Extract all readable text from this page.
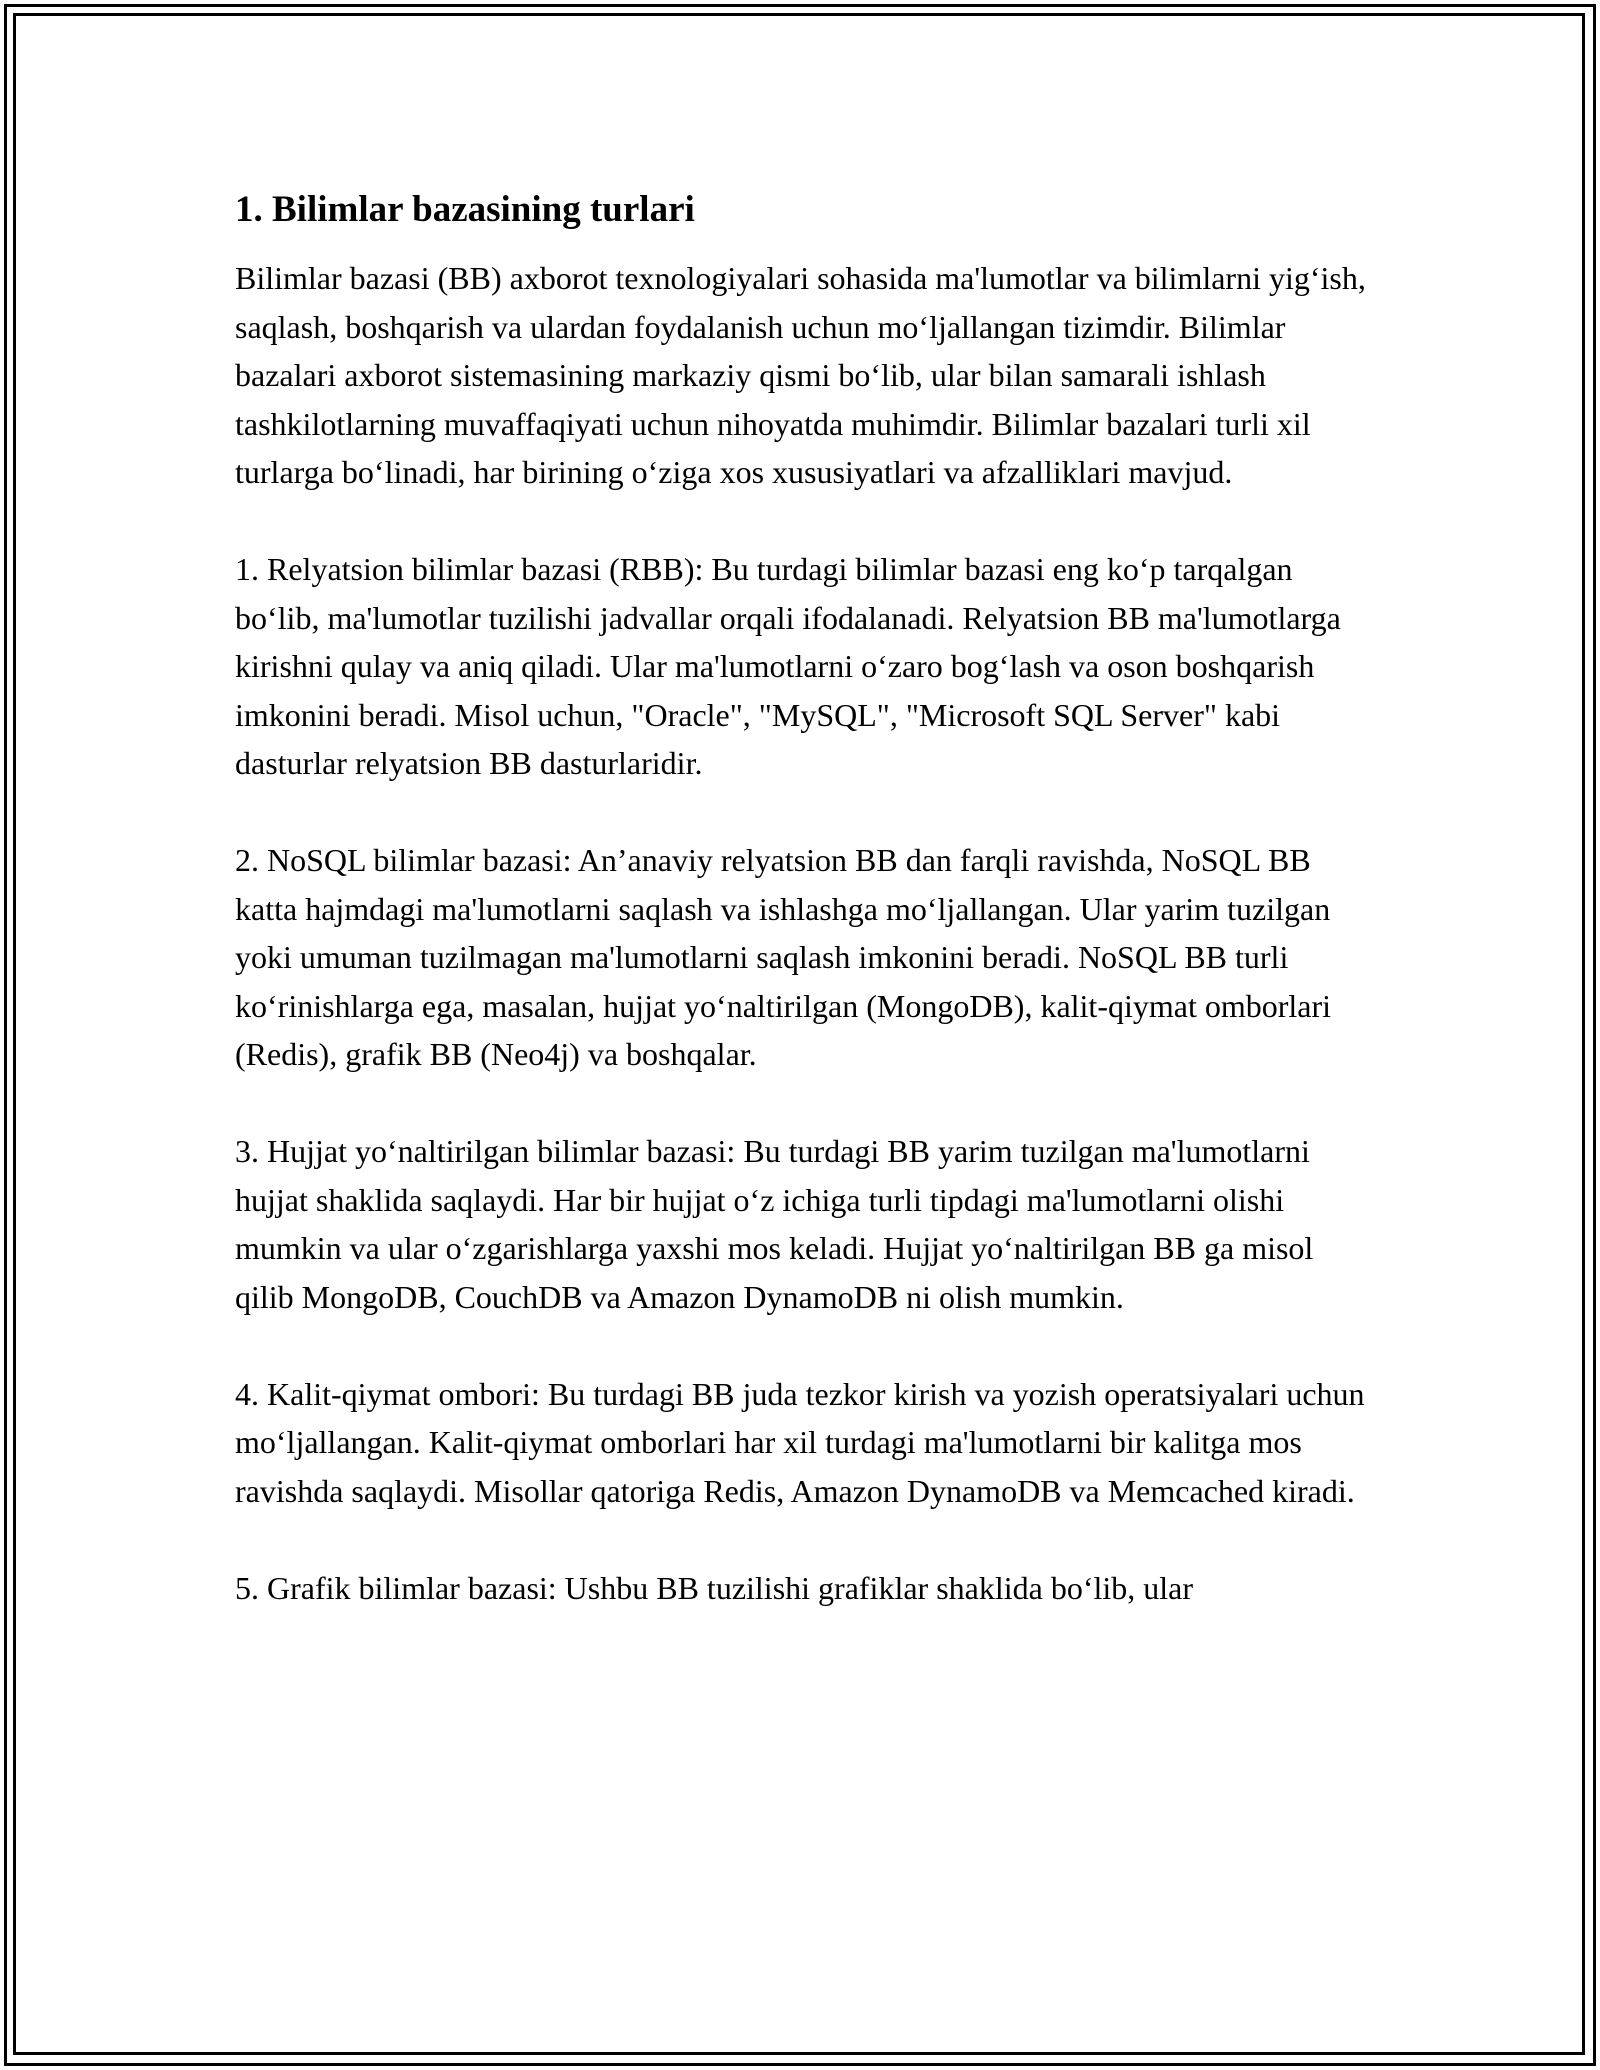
1. Bilimlar bazasining turlari

Bilimlar bazasi (BB) axborot texnologiyalari sohasida ma'lumotlar va bilimlarni yig‘ish, saqlash, boshqarish va ulardan foydalanish uchun mo‘ljallangan tizimdir. Bilimlar bazalari axborot sistemasining markaziy qismi bo‘lib, ular bilan samarali ishlash tashkilotlarning muvaffaqiyati uchun nihoyatda muhimdir. Bilimlar bazalari turli xil turlarga bo‘linadi, har birining o‘ziga xos xususiyatlari va afzalliklari mavjud.

1. Relyatsion bilimlar bazasi (RBB): Bu turdagi bilimlar bazasi eng ko‘p tarqalgan bo‘lib, ma'lumotlar tuzilishi jadvallar orqali ifodalanadi. Relyatsion BB ma'lumotlarga kirishni qulay va aniq qiladi. Ular ma'lumotlarni o‘zaro bog‘lash va oson boshqarish imkonini beradi. Misol uchun, "Oracle", "MySQL", "Microsoft SQL Server" kabi dasturlar relyatsion BB dasturlaridir.

2. NoSQL bilimlar bazasi: An’anaviy relyatsion BB dan farqli ravishda, NoSQL BB katta hajmdagi ma'lumotlarni saqlash va ishlashga mo‘ljallangan. Ular yarim tuzilgan yoki umuman tuzilmagan ma'lumotlarni saqlash imkonini beradi. NoSQL BB turli ko‘rinishlarga ega, masalan, hujjat yo‘naltirilgan (MongoDB), kalit-qiymat omborlari (Redis), grafik BB (Neo4j) va boshqalar.

3. Hujjat yo‘naltirilgan bilimlar bazasi: Bu turdagi BB yarim tuzilgan ma'lumotlarni hujjat shaklida saqlaydi. Har bir hujjat o‘z ichiga turli tipdagi ma'lumotlarni olishi mumkin va ular o‘zgarishlarga yaxshi mos keladi. Hujjat yo‘naltirilgan BB ga misol qilib MongoDB, CouchDB va Amazon DynamoDB ni olish mumkin.

4. Kalit-qiymat ombori: Bu turdagi BB juda tezkor kirish va yozish operatsiyalari uchun mo‘ljallangan. Kalit-qiymat omborlari har xil turdagi ma'lumotlarni bir kalitga mos ravishda saqlaydi. Misollar qatoriga Redis, Amazon DynamoDB va Memcached kiradi.

5. Grafik bilimlar bazasi: Ushbu BB tuzilishi grafiklar shaklida bo‘lib, ular
